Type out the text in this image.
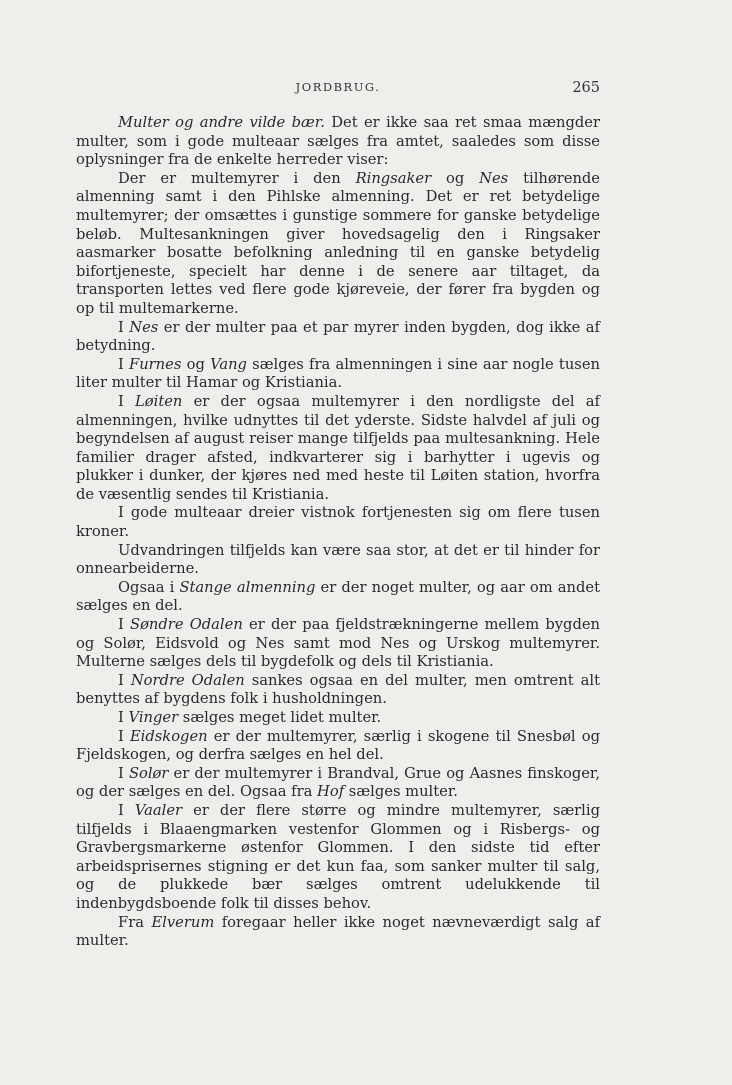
JORDBRUG.	265

Multer og andre vilde bær. Det er ikke saa ret smaa mængder multer, som i gode multeaar sælges fra amtet, saaledes som disse oplysninger fra de enkelte herreder viser:

Der er multemyrer i den Ringsaker og Nes tilhørende almenning samt i den Pihlske almenning. Det er ret betydelige multemyrer; der omsættes i gunstige sommere for ganske betydelige beløb. Multesankningen giver hovedsagelig den i Ringsaker aasmarker bosatte befolkning anledning til en ganske betydelig bifortjeneste, specielt har denne i de senere aar tiltaget, da transporten lettes ved flere gode kjøreveie, der fører fra bygden og op til multemarkerne.

I Nes er der multer paa et par myrer inden bygden, dog ikke af betydning.

I Furnes og Vang sælges fra almenningen i sine aar nogle tusen liter multer til Hamar og Kristiania.

I Løiten er der ogsaa multemyrer i den nordligste del af almenningen, hvilke udnyttes til det yderste. Sidste halvdel af juli og begyndelsen af august reiser mange tilfjelds paa multesankning. Hele familier drager afsted, indkvarterer sig i barhytter i ugevis og plukker i dunker, der kjøres ned med heste til Løiten station, hvorfra de væsentlig sendes til Kristiania.

I gode multeaar dreier vistnok fortjenesten sig om flere tusen kroner.

Udvandringen tilfjelds kan være saa stor, at det er til hinder for onnearbeiderne.

Ogsaa i Stange almenning er der noget multer, og aar om andet sælges en del.

I Søndre Odalen er der paa fjeldstrækningerne mellem bygden og Solør, Eidsvold og Nes samt mod Nes og Urskog multemyrer. Multerne sælges dels til bygdefolk og dels til Kristiania.

I Nordre Odalen sankes ogsaa en del multer, men omtrent alt benyttes af bygdens folk i husholdningen.

I Vinger sælges meget lidet multer.

I Eidskogen er der multemyrer, særlig i skogene til Snesbøl og Fjeldskogen, og derfra sælges en hel del.

I Solør er der multemyrer i Brandval, Grue og Aasnes finskoger, og der sælges en del. Ogsaa fra Hof sælges multer.

I Vaaler er der flere større og mindre multemyrer, særlig tilfjelds i Blaaengmarken vestenfor Glommen og i Risbergs- og Gravbergsmarkerne østenfor Glommen. I den sidste tid efter arbeidsprisernes stigning er det kun faa, som sanker multer til salg, og de plukkede bær sælges omtrent udelukkende til indenbygdsboende folk til disses behov.

Fra Elverum foregaar heller ikke noget nævneværdigt salg af multer.
